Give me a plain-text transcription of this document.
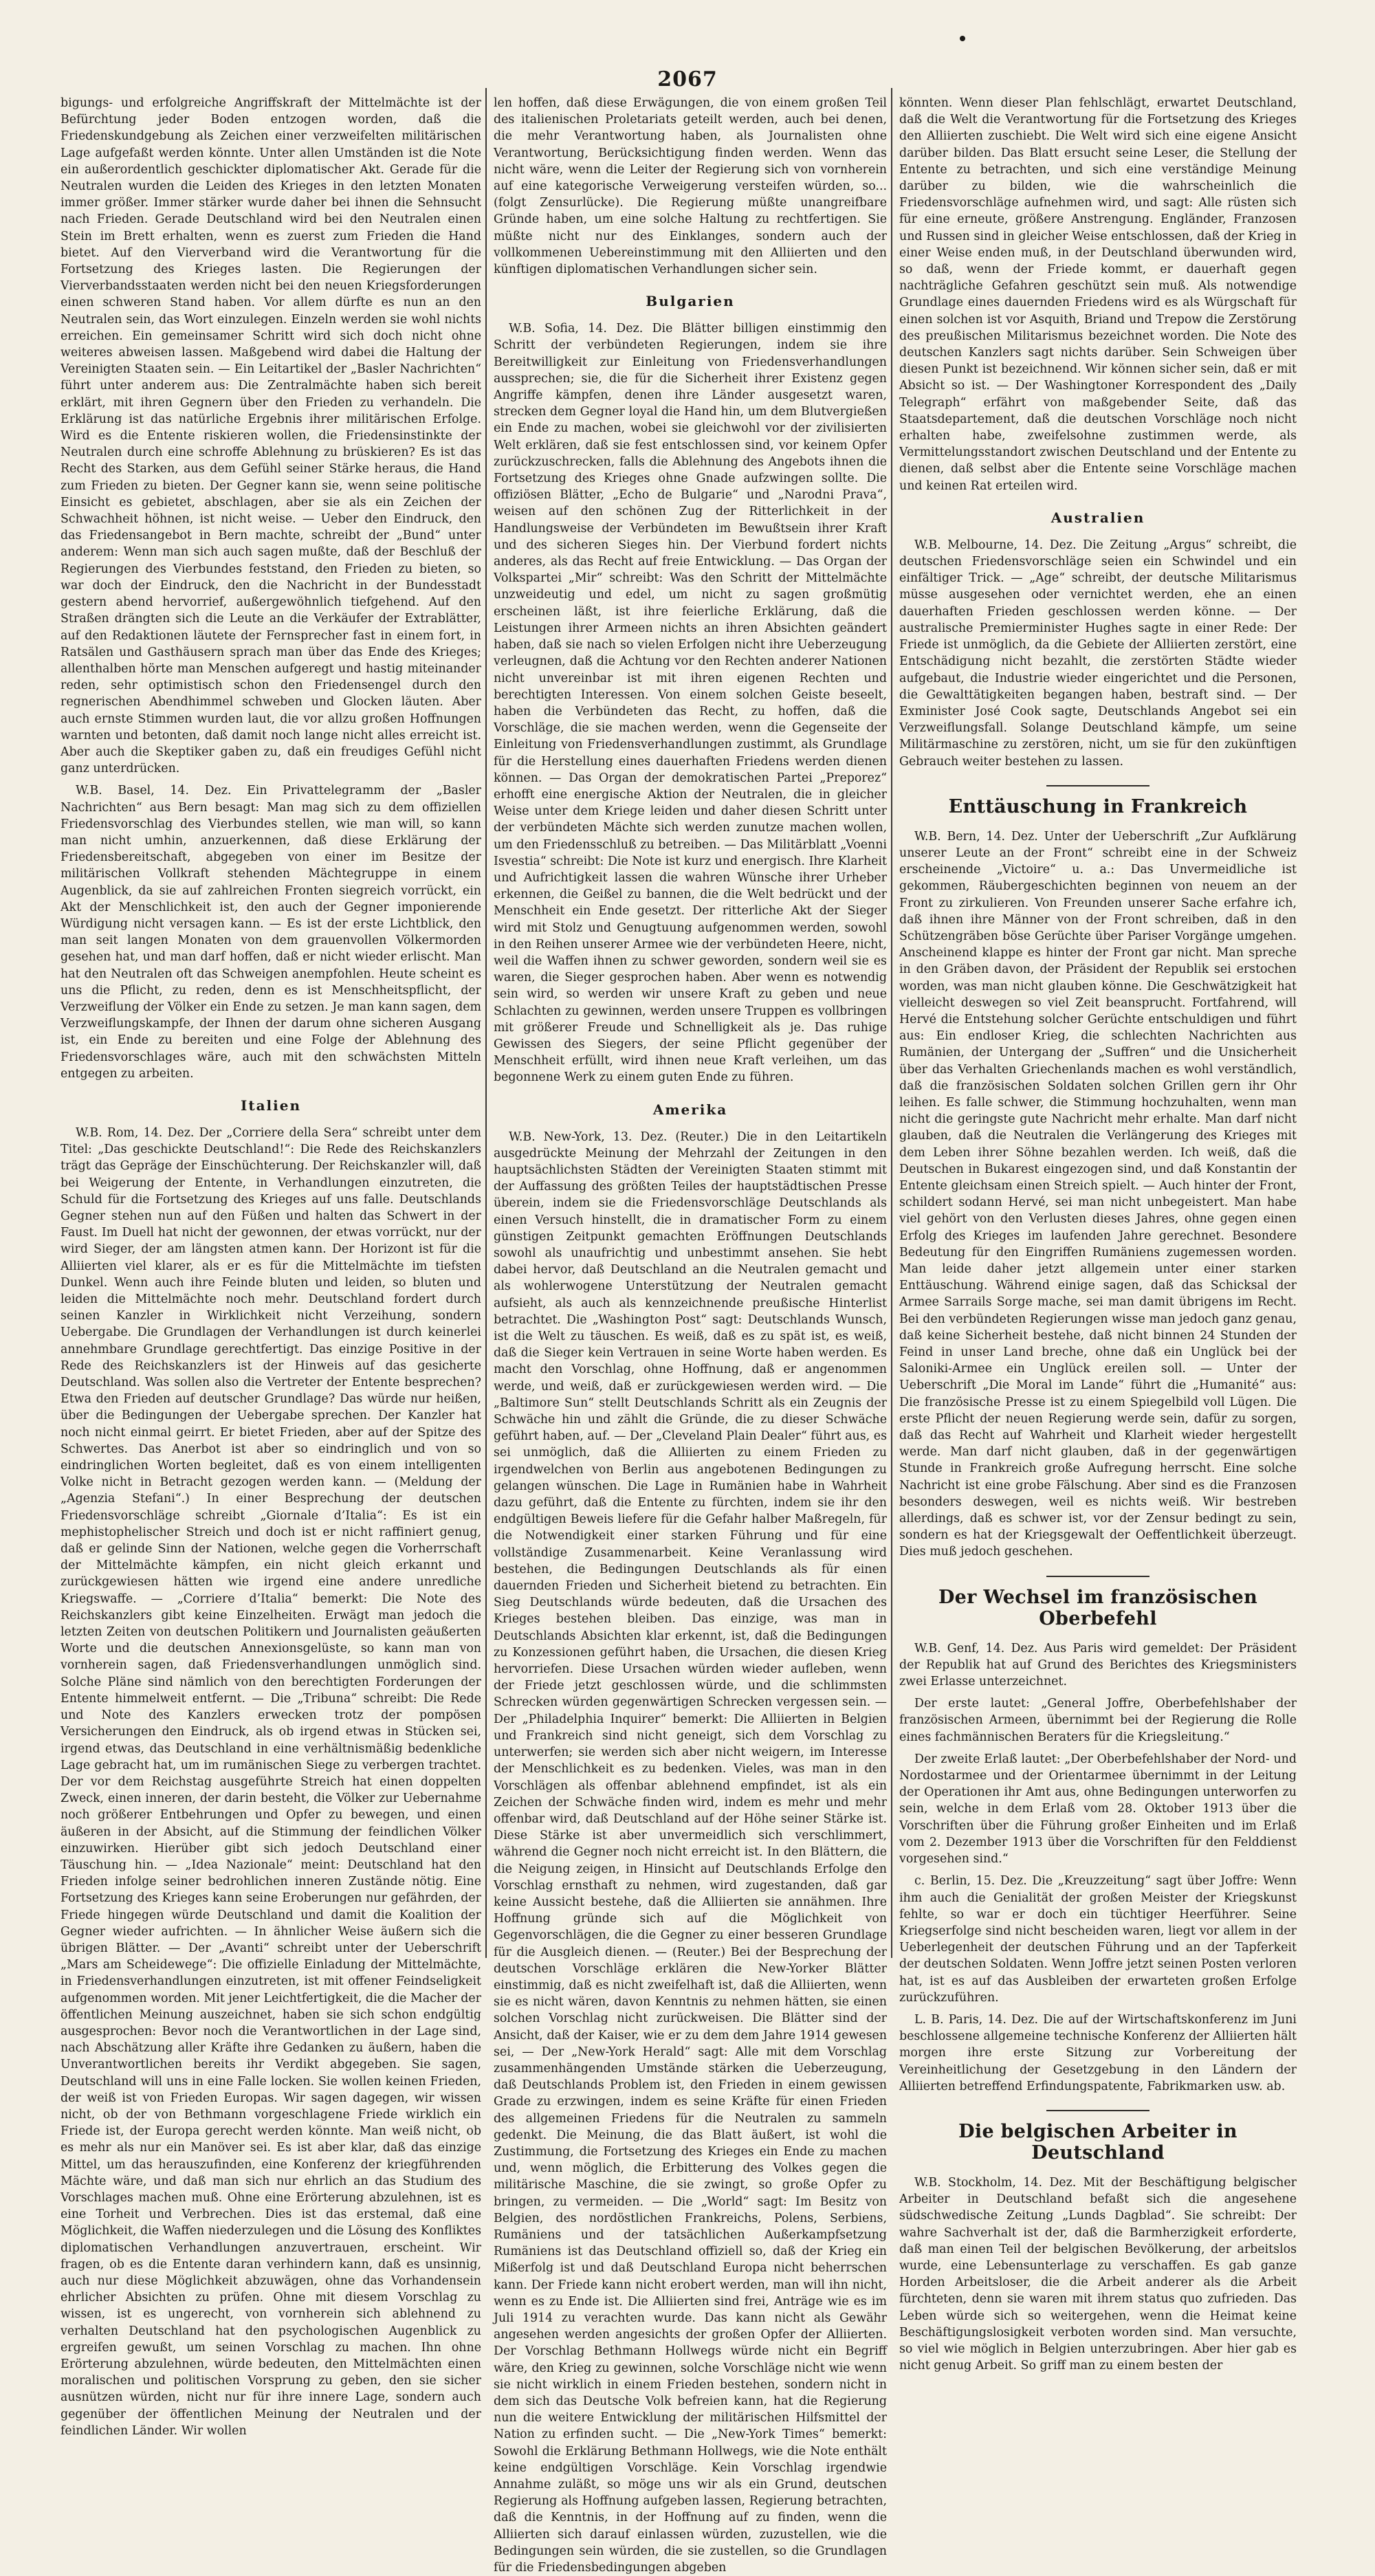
2067

bigungs- und erfolgreiche Angriffskraft der Mittelmächte ist der Befürchtung jeder Boden entzogen worden, daß die Friedenskundgebung als Zeichen einer verzweifelten militärischen Lage aufgefaßt werden könnte. Unter allen Umständen ist die Note ein außerordentlich geschickter diplomatischer Akt. Gerade für die Neutralen wurden die Leiden des Krieges in den letzten Monaten immer größer. Immer stärker wurde daher bei ihnen die Sehnsucht nach Frieden. Gerade Deutschland wird bei den Neutralen einen Stein im Brett erhalten, wenn es zuerst zum Frieden die Hand bietet. Auf den Vierverband wird die Verantwortung für die Fortsetzung des Krieges lasten. Die Regierungen der Vierverbandsstaaten werden nicht bei den neuen Kriegsforderungen einen schweren Stand haben. Vor allem dürfte es nun an den Neutralen sein, das Wort einzulegen. Einzeln werden sie wohl nichts erreichen. Ein gemeinsamer Schritt wird sich doch nicht ohne weiteres abweisen lassen. Maßgebend wird dabei die Haltung der Vereinigten Staaten sein. — Ein Leitartikel der „Basler Nachrichten“ führt unter anderem aus: Die Zentralmächte haben sich bereit erklärt, mit ihren Gegnern über den Frieden zu verhandeln. Die Erklärung ist das natürliche Ergebnis ihrer militärischen Erfolge. Wird es die Entente riskieren wollen, die Friedensinstinkte der Neutralen durch eine schroffe Ablehnung zu brüskieren? Es ist das Recht des Starken, aus dem Gefühl seiner Stärke heraus, die Hand zum Frieden zu bieten. Der Gegner kann sie, wenn seine politische Einsicht es gebietet, abschlagen, aber sie als ein Zeichen der Schwachheit höhnen, ist nicht weise. — Ueber den Eindruck, den das Friedensangebot in Bern machte, schreibt der „Bund“ unter anderem: Wenn man sich auch sagen mußte, daß der Beschluß der Regierungen des Vierbundes feststand, den Frieden zu bieten, so war doch der Eindruck, den die Nachricht in der Bundesstadt gestern abend hervorrief, außergewöhnlich tiefgehend. Auf den Straßen drängten sich die Leute an die Verkäufer der Extrablätter, auf den Redaktionen läutete der Fernsprecher fast in einem fort, in Ratsälen und Gasthäusern sprach man über das Ende des Krieges; allenthalben hörte man Menschen aufgeregt und hastig miteinander reden, sehr optimistisch schon den Friedensengel durch den regnerischen Abendhimmel schweben und Glocken läuten. Aber auch ernste Stimmen wurden laut, die vor allzu großen Hoffnungen warnten und betonten, daß damit noch lange nicht alles erreicht ist. Aber auch die Skeptiker gaben zu, daß ein freudiges Gefühl nicht ganz unterdrücken.

W.B. Basel, 14. Dez. Ein Privattelegramm der „Basler Nachrichten“ aus Bern besagt: Man mag sich zu dem offiziellen Friedensvorschlag des Vierbundes stellen, wie man will, so kann man nicht umhin, anzuerkennen, daß diese Erklärung der Friedensbereitschaft, abgegeben von einer im Besitze der militärischen Vollkraft stehenden Mächtegruppe in einem Augenblick, da sie auf zahlreichen Fronten siegreich vorrückt, ein Akt der Menschlichkeit ist, den auch der Gegner imponierende Würdigung nicht versagen kann. — Es ist der erste Lichtblick, den man seit langen Monaten von dem grauenvollen Völkermorden gesehen hat, und man darf hoffen, daß er nicht wieder erlischt. Man hat den Neutralen oft das Schweigen anempfohlen. Heute scheint es uns die Pflicht, zu reden, denn es ist Menschheitspflicht, der Verzweiflung der Völker ein Ende zu setzen. Je man kann sagen, dem Verzweiflungskampfe, der Ihnen der darum ohne sicheren Ausgang ist, ein Ende zu bereiten und eine Folge der Ablehnung des Friedensvorschlages wäre, auch mit den schwächsten Mitteln entgegen zu arbeiten.

Italien

W.B. Rom, 14. Dez. Der „Corriere della Sera“ schreibt unter dem Titel: „Das geschickte Deutschland!“: Die Rede des Reichskanzlers trägt das Gepräge der Einschüchterung. Der Reichskanzler will, daß bei Weigerung der Entente, in Verhandlungen einzutreten, die Schuld für die Fortsetzung des Krieges auf uns falle. Deutschlands Gegner stehen nun auf den Füßen und halten das Schwert in der Faust. Im Duell hat nicht der gewonnen, der etwas vorrückt, nur der wird Sieger, der am längsten atmen kann. Der Horizont ist für die Alliierten viel klarer, als er es für die Mittelmächte im tiefsten Dunkel. Wenn auch ihre Feinde bluten und leiden, so bluten und leiden die Mittelmächte noch mehr. Deutschland fordert durch seinen Kanzler in Wirklichkeit nicht Verzeihung, sondern Uebergabe. Die Grundlagen der Verhandlungen ist durch keinerlei annehmbare Grundlage gerechtfertigt. Das einzige Positive in der Rede des Reichskanzlers ist der Hinweis auf das gesicherte Deutschland. Was sollen also die Vertreter der Entente besprechen? Etwa den Frieden auf deutscher Grundlage? Das würde nur heißen, über die Bedingungen der Uebergabe sprechen. Der Kanzler hat noch nicht einmal geirrt. Er bietet Frieden, aber auf der Spitze des Schwertes. Das Anerbot ist aber so eindringlich und von so eindringlichen Worten begleitet, daß es von einem intelligenten Volke nicht in Betracht gezogen werden kann. — (Meldung der „Agenzia Stefani“.) In einer Besprechung der deutschen Friedensvorschläge schreibt „Giornale d’Italia“: Es ist ein mephistophelischer Streich und doch ist er nicht raffiniert genug, daß er gelinde Sinn der Nationen, welche gegen die Vorherrschaft der Mittelmächte kämpfen, ein nicht gleich erkannt und zurückgewiesen hätten wie irgend eine andere unredliche Kriegswaffe. — „Corriere d’Italia“ bemerkt: Die Note des Reichskanzlers gibt keine Einzelheiten. Erwägt man jedoch die letzten Zeiten von deutschen Politikern und Journalisten geäußerten Worte und die deutschen Annexionsgelüste, so kann man von vornherein sagen, daß Friedensverhandlungen unmöglich sind. Solche Pläne sind nämlich von den berechtigten Forderungen der Entente himmelweit entfernt. — Die „Tribuna“ schreibt: Die Rede und Note des Kanzlers erwecken trotz der pompösen Versicherungen den Eindruck, als ob irgend etwas in Stücken sei, irgend etwas, das Deutschland in eine verhältnismäßig bedenkliche Lage gebracht hat, um im rumänischen Siege zu verbergen trachtet. Der vor dem Reichstag ausgeführte Streich hat einen doppelten Zweck, einen inneren, der darin besteht, die Völker zur Uebernahme noch größerer Entbehrungen und Opfer zu bewegen, und einen äußeren in der Absicht, auf die Stimmung der feindlichen Völker einzuwirken. Hierüber gibt sich jedoch Deutschland einer Täuschung hin. — „Idea Nazionale“ meint: Deutschland hat den Frieden infolge seiner bedrohlichen inneren Zustände nötig. Eine Fortsetzung des Krieges kann seine Eroberungen nur gefährden, der Friede hingegen würde Deutschland und damit die Koalition der Gegner wieder aufrichten. — In ähnlicher Weise äußern sich die übrigen Blätter. — Der „Avanti“ schreibt unter der Ueberschrift „Mars am Scheidewege“: Die offizielle Einladung der Mittelmächte, in Friedensverhandlungen einzutreten, ist mit offener Feindseligkeit aufgenommen worden. Mit jener Leichtfertigkeit, die die Macher der öffentlichen Meinung auszeichnet, haben sie sich schon endgültig ausgesprochen: Bevor noch die Verantwortlichen in der Lage sind, nach Abschätzung aller Kräfte ihre Gedanken zu äußern, haben die Unverantwortlichen bereits ihr Verdikt abgegeben. Sie sagen, Deutschland will uns in eine Falle locken. Sie wollen keinen Frieden, der weiß ist von Frieden Europas. Wir sagen dagegen, wir wissen nicht, ob der von Bethmann vorgeschlagene Friede wirklich ein Friede ist, der Europa gerecht werden könnte. Man weiß nicht, ob es mehr als nur ein Manöver sei. Es ist aber klar, daß das einzige Mittel, um das herauszufinden, eine Konferenz der kriegführenden Mächte wäre, und daß man sich nur ehrlich an das Studium des Vorschlages machen muß. Ohne eine Erörterung abzulehnen, ist es eine Torheit und Verbrechen. Dies ist das erstemal, daß eine Möglichkeit, die Waffen niederzulegen und die Lösung des Konfliktes diplomatischen Verhandlungen anzuvertrauen, erscheint. Wir fragen, ob es die Entente daran verhindern kann, daß es unsinnig, auch nur diese Möglichkeit abzuwägen, ohne das Vorhandensein ehrlicher Absichten zu prüfen. Ohne mit diesem Vorschlag zu wissen, ist es ungerecht, von vornherein sich ablehnend zu verhalten Deutschland hat den psychologischen Augenblick zu ergreifen gewußt, um seinen Vorschlag zu machen. Ihn ohne Erörterung abzulehnen, würde bedeuten, den Mittelmächten einen moralischen und politischen Vorsprung zu geben, den sie sicher ausnützen würden, nicht nur für ihre innere Lage, sondern auch gegenüber der öffentlichen Meinung der Neutralen und der feindlichen Länder. Wir wollen

len hoffen, daß diese Erwägungen, die von einem großen Teil des italienischen Proletariats geteilt werden, auch bei denen, die mehr Verantwortung haben, als Journalisten ohne Verantwortung, Berücksichtigung finden werden. Wenn das nicht wäre, wenn die Leiter der Regierung sich von vornherein auf eine kategorische Verweigerung versteifen würden, so... (folgt Zensurlücke). Die Regierung müßte unangreifbare Gründe haben, um eine solche Haltung zu rechtfertigen. Sie müßte nicht nur des Einklanges, sondern auch der vollkommenen Uebereinstimmung mit den Alliierten und den künftigen diplomatischen Verhandlungen sicher sein.

Bulgarien

W.B. Sofia, 14. Dez. Die Blätter billigen einstimmig den Schritt der verbündeten Regierungen, indem sie ihre Bereitwilligkeit zur Einleitung von Friedensverhandlungen aussprechen; sie, die für die Sicherheit ihrer Existenz gegen Angriffe kämpfen, denen ihre Länder ausgesetzt waren, strecken dem Gegner loyal die Hand hin, um dem Blutvergießen ein Ende zu machen, wobei sie gleichwohl vor der zivilisierten Welt erklären, daß sie fest entschlossen sind, vor keinem Opfer zurückzuschrecken, falls die Ablehnung des Angebots ihnen die Fortsetzung des Krieges ohne Gnade aufzwingen sollte. Die offiziösen Blätter, „Echo de Bulgarie“ und „Narodni Prava“, weisen auf den schönen Zug der Ritterlichkeit in der Handlungsweise der Verbündeten im Bewußtsein ihrer Kraft und des sicheren Sieges hin. Der Vierbund fordert nichts anderes, als das Recht auf freie Entwicklung. — Das Organ der Volkspartei „Mir“ schreibt: Was den Schritt der Mittelmächte unzweideutig und edel, um nicht zu sagen großmütig erscheinen läßt, ist ihre feierliche Erklärung, daß die Leistungen ihrer Armeen nichts an ihren Absichten geändert haben, daß sie nach so vielen Erfolgen nicht ihre Ueberzeugung verleugnen, daß die Achtung vor den Rechten anderer Nationen nicht unvereinbar ist mit ihren eigenen Rechten und berechtigten Interessen. Von einem solchen Geiste beseelt, haben die Verbündeten das Recht, zu hoffen, daß die Vorschläge, die sie machen werden, wenn die Gegenseite der Einleitung von Friedensverhandlungen zustimmt, als Grundlage für die Herstellung eines dauerhaften Friedens werden dienen können. — Das Organ der demokratischen Partei „Preporez“ erhofft eine energische Aktion der Neutralen, die in gleicher Weise unter dem Kriege leiden und daher diesen Schritt unter der verbündeten Mächte sich werden zunutze machen wollen, um den Friedensschluß zu betreiben. — Das Militärblatt „Voenni Isvestia“ schreibt: Die Note ist kurz und energisch. Ihre Klarheit und Aufrichtigkeit lassen die wahren Wünsche ihrer Urheber erkennen, die Geißel zu bannen, die die Welt bedrückt und der Menschheit ein Ende gesetzt. Der ritterliche Akt der Sieger wird mit Stolz und Genugtuung aufgenommen werden, sowohl in den Reihen unserer Armee wie der verbündeten Heere, nicht, weil die Waffen ihnen zu schwer geworden, sondern weil sie es waren, die Sieger gesprochen haben. Aber wenn es notwendig sein wird, so werden wir unsere Kraft zu geben und neue Schlachten zu gewinnen, werden unsere Truppen es vollbringen mit größerer Freude und Schnelligkeit als je. Das ruhige Gewissen des Siegers, der seine Pflicht gegenüber der Menschheit erfüllt, wird ihnen neue Kraft verleihen, um das begonnene Werk zu einem guten Ende zu führen.

Amerika

W.B. New-York, 13. Dez. (Reuter.) Die in den Leitartikeln ausgedrückte Meinung der Mehrzahl der Zeitungen in den hauptsächlichsten Städten der Vereinigten Staaten stimmt mit der Auffassung des größten Teiles der hauptstädtischen Presse überein, indem sie die Friedensvorschläge Deutschlands als einen Versuch hinstellt, die in dramatischer Form zu einem günstigen Zeitpunkt gemachten Eröffnungen Deutschlands sowohl als unaufrichtig und unbestimmt ansehen. Sie hebt dabei hervor, daß Deutschland an die Neutralen gemacht und als wohlerwogene Unterstützung der Neutralen gemacht aufsieht, als auch als kennzeichnende preußische Hinterlist betrachtet. Die „Washington Post“ sagt: Deutschlands Wunsch, ist die Welt zu täuschen. Es weiß, daß es zu spät ist, es weiß, daß die Sieger kein Vertrauen in seine Worte haben werden. Es macht den Vorschlag, ohne Hoffnung, daß er angenommen werde, und weiß, daß er zurückgewiesen werden wird. — Die „Baltimore Sun“ stellt Deutschlands Schritt als ein Zeugnis der Schwäche hin und zählt die Gründe, die zu dieser Schwäche geführt haben, auf. — Der „Cleveland Plain Dealer“ führt aus, es sei unmöglich, daß die Alliierten zu einem Frieden zu irgendwelchen von Berlin aus angebotenen Bedingungen zu gelangen wünschen. Die Lage in Rumänien habe in Wahrheit dazu geführt, daß die Entente zu fürchten, indem sie ihr den endgültigen Beweis liefere für die Gefahr halber Maßregeln, für die Notwendigkeit einer starken Führung und für eine vollständige Zusammenarbeit. Keine Veranlassung wird bestehen, die Bedingungen Deutschlands als für einen dauernden Frieden und Sicherheit bietend zu betrachten. Ein Sieg Deutschlands würde bedeuten, daß die Ursachen des Krieges bestehen bleiben. Das einzige, was man in Deutschlands Absichten klar erkennt, ist, daß die Bedingungen zu Konzessionen geführt haben, die Ursachen, die diesen Krieg hervorriefen. Diese Ursachen würden wieder aufleben, wenn der Friede jetzt geschlossen würde, und die schlimmsten Schrecken würden gegenwärtigen Schrecken vergessen sein. — Der „Philadelphia Inquirer“ bemerkt: Die Alliierten in Belgien und Frankreich sind nicht geneigt, sich dem Vorschlag zu unterwerfen; sie werden sich aber nicht weigern, im Interesse der Menschlichkeit es zu bedenken. Vieles, was man in den Vorschlägen als offenbar ablehnend empfindet, ist als ein Zeichen der Schwäche finden wird, indem es mehr und mehr offenbar wird, daß Deutschland auf der Höhe seiner Stärke ist. Diese Stärke ist aber unvermeidlich sich verschlimmert, während die Gegner noch nicht erreicht ist. In den Blättern, die die Neigung zeigen, in Hinsicht auf Deutschlands Erfolge den Vorschlag ernsthaft zu nehmen, wird zugestanden, daß gar keine Aussicht bestehe, daß die Alliierten sie annähmen. Ihre Hoffnung gründe sich auf die Möglichkeit von Gegenvorschlägen, die die Gegner zu einer besseren Grundlage für die Ausgleich dienen. — (Reuter.) Bei der Besprechung der deutschen Vorschläge erklären die New-Yorker Blätter einstimmig, daß es nicht zweifelhaft ist, daß die Alliierten, wenn sie es nicht wären, davon Kenntnis zu nehmen hätten, sie einen solchen Vorschlag nicht zurückweisen. Die Blätter sind der Ansicht, daß der Kaiser, wie er zu dem dem Jahre 1914 gewesen sei, — Der „New-York Herald“ sagt: Alle mit dem Vorschlag zusammenhängenden Umstände stärken die Ueberzeugung, daß Deutschlands Problem ist, den Frieden in einem gewissen Grade zu erzwingen, indem es seine Kräfte für einen Frieden des allgemeinen Friedens für die Neutralen zu sammeln gedenkt. Die Meinung, die das Blatt äußert, ist wohl die Zustimmung, die Fortsetzung des Krieges ein Ende zu machen und, wenn möglich, die Erbitterung des Volkes gegen die militärische Maschine, die sie zwingt, so große Opfer zu bringen, zu vermeiden. — Die „World“ sagt: Im Besitz von Belgien, des nordöstlichen Frankreichs, Polens, Serbiens, Rumäniens und der tatsächlichen Außerkampfsetzung Rumäniens ist das Deutschland offiziell so, daß der Krieg ein Mißerfolg ist und daß Deutschland Europa nicht beherrschen kann. Der Friede kann nicht erobert werden, man will ihn nicht, wenn es zu Ende ist. Die Alliierten sind frei, Anträge wie es im Juli 1914 zu verachten wurde. Das kann nicht als Gewähr angesehen werden angesichts der großen Opfer der Alliierten. Der Vorschlag Bethmann Hollwegs würde nicht ein Begriff wäre, den Krieg zu gewinnen, solche Vorschläge nicht wie wenn sie nicht wirklich in einem Frieden bestehen, sondern nicht in dem sich das Deutsche Volk befreien kann, hat die Regierung nun die weitere Entwicklung der militärischen Hilfsmittel der Nation zu erfinden sucht. — Die „New-York Times“ bemerkt: Sowohl die Erklärung Bethmann Hollwegs, wie die Note enthält keine endgültigen Vorschläge. Kein Vorschlag irgendwie Annahme zuläßt, so möge uns wir als ein Grund, deutschen Regierung als Hoffnung aufgeben lassen, Regierung betrachten, daß die Kenntnis, in der Hoffnung auf zu finden, wenn die Alliierten sich darauf einlassen würden, zuzustellen, wie die Bedingungen sein würden, die sie zustellen, so die Grundlagen für die Friedensbedingungen abgeben

könnten. Wenn dieser Plan fehlschlägt, erwartet Deutschland, daß die Welt die Verantwortung für die Fortsetzung des Krieges den Alliierten zuschiebt. Die Welt wird sich eine eigene Ansicht darüber bilden. Das Blatt ersucht seine Leser, die Stellung der Entente zu betrachten, und sich eine verständige Meinung darüber zu bilden, wie die wahrscheinlich die Friedensvorschläge aufnehmen wird, und sagt: Alle rüsten sich für eine erneute, größere Anstrengung. Engländer, Franzosen und Russen sind in gleicher Weise entschlossen, daß der Krieg in einer Weise enden muß, in der Deutschland überwunden wird, so daß, wenn der Friede kommt, er dauerhaft gegen nachträgliche Gefahren geschützt sein muß. Als notwendige Grundlage eines dauernden Friedens wird es als Würgschaft für einen solchen ist vor Asquith, Briand und Trepow die Zerstörung des preußischen Militarismus bezeichnet worden. Die Note des deutschen Kanzlers sagt nichts darüber. Sein Schweigen über diesen Punkt ist bezeichnend. Wir können sicher sein, daß er mit Absicht so ist. — Der Washingtoner Korrespondent des „Daily Telegraph“ erfährt von maßgebender Seite, daß das Staatsdepartement, daß die deutschen Vorschläge noch nicht erhalten habe, zweifelsohne zustimmen werde, als Vermittelungsstandort zwischen Deutschland und der Entente zu dienen, daß selbst aber die Entente seine Vorschläge machen und keinen Rat erteilen wird.

Australien

W.B. Melbourne, 14. Dez. Die Zeitung „Argus“ schreibt, die deutschen Friedensvorschläge seien ein Schwindel und ein einfältiger Trick. — „Age“ schreibt, der deutsche Militarismus müsse ausgesehen oder vernichtet werden, ehe an einen dauerhaften Frieden geschlossen werden könne. — Der australische Premierminister Hughes sagte in einer Rede: Der Friede ist unmöglich, da die Gebiete der Alliierten zerstört, eine Entschädigung nicht bezahlt, die zerstörten Städte wieder aufgebaut, die Industrie wieder eingerichtet und die Personen, die Gewalttätigkeiten begangen haben, bestraft sind. — Der Exminister José Cook sagte, Deutschlands Angebot sei ein Verzweiflungsfall. Solange Deutschland kämpfe, um seine Militärmaschine zu zerstören, nicht, um sie für den zukünftigen Gebrauch weiter bestehen zu lassen.

Enttäuschung in Frankreich

W.B. Bern, 14. Dez. Unter der Ueberschrift „Zur Aufklärung unserer Leute an der Front“ schreibt eine in der Schweiz erscheinende „Victoire“ u. a.: Das Unvermeidliche ist gekommen, Räubergeschichten beginnen von neuem an der Front zu zirkulieren. Von Freunden unserer Sache erfahre ich, daß ihnen ihre Männer von der Front schreiben, daß in den Schützengräben böse Gerüchte über Pariser Vorgänge umgehen. Anscheinend klappe es hinter der Front gar nicht. Man spreche in den Gräben davon, der Präsident der Republik sei erstochen worden, was man nicht glauben könne. Die Geschwätzigkeit hat vielleicht deswegen so viel Zeit beansprucht. Fortfahrend, will Hervé die Entstehung solcher Gerüchte entschuldigen und führt aus: Ein endloser Krieg, die schlechten Nachrichten aus Rumänien, der Untergang der „Suffren“ und die Unsicherheit über das Verhalten Griechenlands machen es wohl verständlich, daß die französischen Soldaten solchen Grillen gern ihr Ohr leihen. Es falle schwer, die Stimmung hochzuhalten, wenn man nicht die geringste gute Nachricht mehr erhalte. Man darf nicht glauben, daß die Neutralen die Verlängerung des Krieges mit dem Leben ihrer Söhne bezahlen werden. Ich weiß, daß die Deutschen in Bukarest eingezogen sind, und daß Konstantin der Entente gleichsam einen Streich spielt. — Auch hinter der Front, schildert sodann Hervé, sei man nicht unbegeistert. Man habe viel gehört von den Verlusten dieses Jahres, ohne gegen einen Erfolg des Krieges im laufenden Jahre gerechnet. Besondere Bedeutung für den Eingriffen Rumäniens zugemessen worden. Man leide daher jetzt allgemein unter einer starken Enttäuschung. Während einige sagen, daß das Schicksal der Armee Sarrails Sorge mache, sei man damit übrigens im Recht. Bei den verbündeten Regierungen wisse man jedoch ganz genau, daß keine Sicherheit bestehe, daß nicht binnen 24 Stunden der Feind in unser Land breche, ohne daß ein Unglück bei der Saloniki-Armee ein Unglück ereilen soll. — Unter der Ueberschrift „Die Moral im Lande“ führt die „Humanité“ aus: Die französische Presse ist zu einem Spiegelbild voll Lügen. Die erste Pflicht der neuen Regierung werde sein, dafür zu sorgen, daß das Recht auf Wahrheit und Klarheit wieder hergestellt werde. Man darf nicht glauben, daß in der gegenwärtigen Stunde in Frankreich große Aufregung herrscht. Eine solche Nachricht ist eine grobe Fälschung. Aber sind es die Franzosen besonders deswegen, weil es nichts weiß. Wir bestreben allerdings, daß es schwer ist, vor der Zensur bedingt zu sein, sondern es hat der Kriegsgewalt der Oeffentlichkeit überzeugt. Dies muß jedoch geschehen.

Der Wechsel im französischen Oberbefehl

W.B. Genf, 14. Dez. Aus Paris wird gemeldet: Der Präsident der Republik hat auf Grund des Berichtes des Kriegsministers zwei Erlasse unterzeichnet.

Der erste lautet: „General Joffre, Oberbefehlshaber der französischen Armeen, übernimmt bei der Regierung die Rolle eines fachmännischen Beraters für die Kriegsleitung.“

Der zweite Erlaß lautet: „Der Oberbefehlshaber der Nord- und Nordostarmee und der Orientarmee übernimmt in der Leitung der Operationen ihr Amt aus, ohne Bedingungen unterworfen zu sein, welche in dem Erlaß vom 28. Oktober 1913 über die Vorschriften über die Führung großer Einheiten und im Erlaß vom 2. Dezember 1913 über die Vorschriften für den Felddienst vorgesehen sind.“

c. Berlin, 15. Dez. Die „Kreuzzeitung“ sagt über Joffre: Wenn ihm auch die Genialität der großen Meister der Kriegskunst fehlte, so war er doch ein tüchtiger Heerführer. Seine Kriegserfolge sind nicht bescheiden waren, liegt vor allem in der Ueberlegenheit der deutschen Führung und an der Tapferkeit der deutschen Soldaten. Wenn Joffre jetzt seinen Posten verloren hat, ist es auf das Ausbleiben der erwarteten großen Erfolge zurückzuführen.

L. B. Paris, 14. Dez. Die auf der Wirtschaftskonferenz im Juni beschlossene allgemeine technische Konferenz der Alliierten hält morgen ihre erste Sitzung zur Vorbereitung der Vereinheitlichung der Gesetzgebung in den Ländern der Alliierten betreffend Erfindungspatente, Fabrikmarken usw. ab.

Die belgischen Arbeiter in Deutschland

W.B. Stockholm, 14. Dez. Mit der Beschäftigung belgischer Arbeiter in Deutschland befaßt sich die angesehene südschwedische Zeitung „Lunds Dagblad“. Sie schreibt: Der wahre Sachverhalt ist der, daß die Barmherzigkeit erforderte, daß man einen Teil der belgischen Bevölkerung, der arbeitslos wurde, eine Lebensunterlage zu verschaffen. Es gab ganze Horden Arbeitsloser, die die Arbeit anderer als die Arbeit fürchteten, denn sie waren mit ihrem status quo zufrieden. Das Leben würde sich so weitergehen, wenn die Heimat keine Beschäftigungslosigkeit verboten worden sind. Man versuchte, so viel wie möglich in Belgien unterzubringen. Aber hier gab es nicht genug Arbeit. So griff man zu einem besten der
